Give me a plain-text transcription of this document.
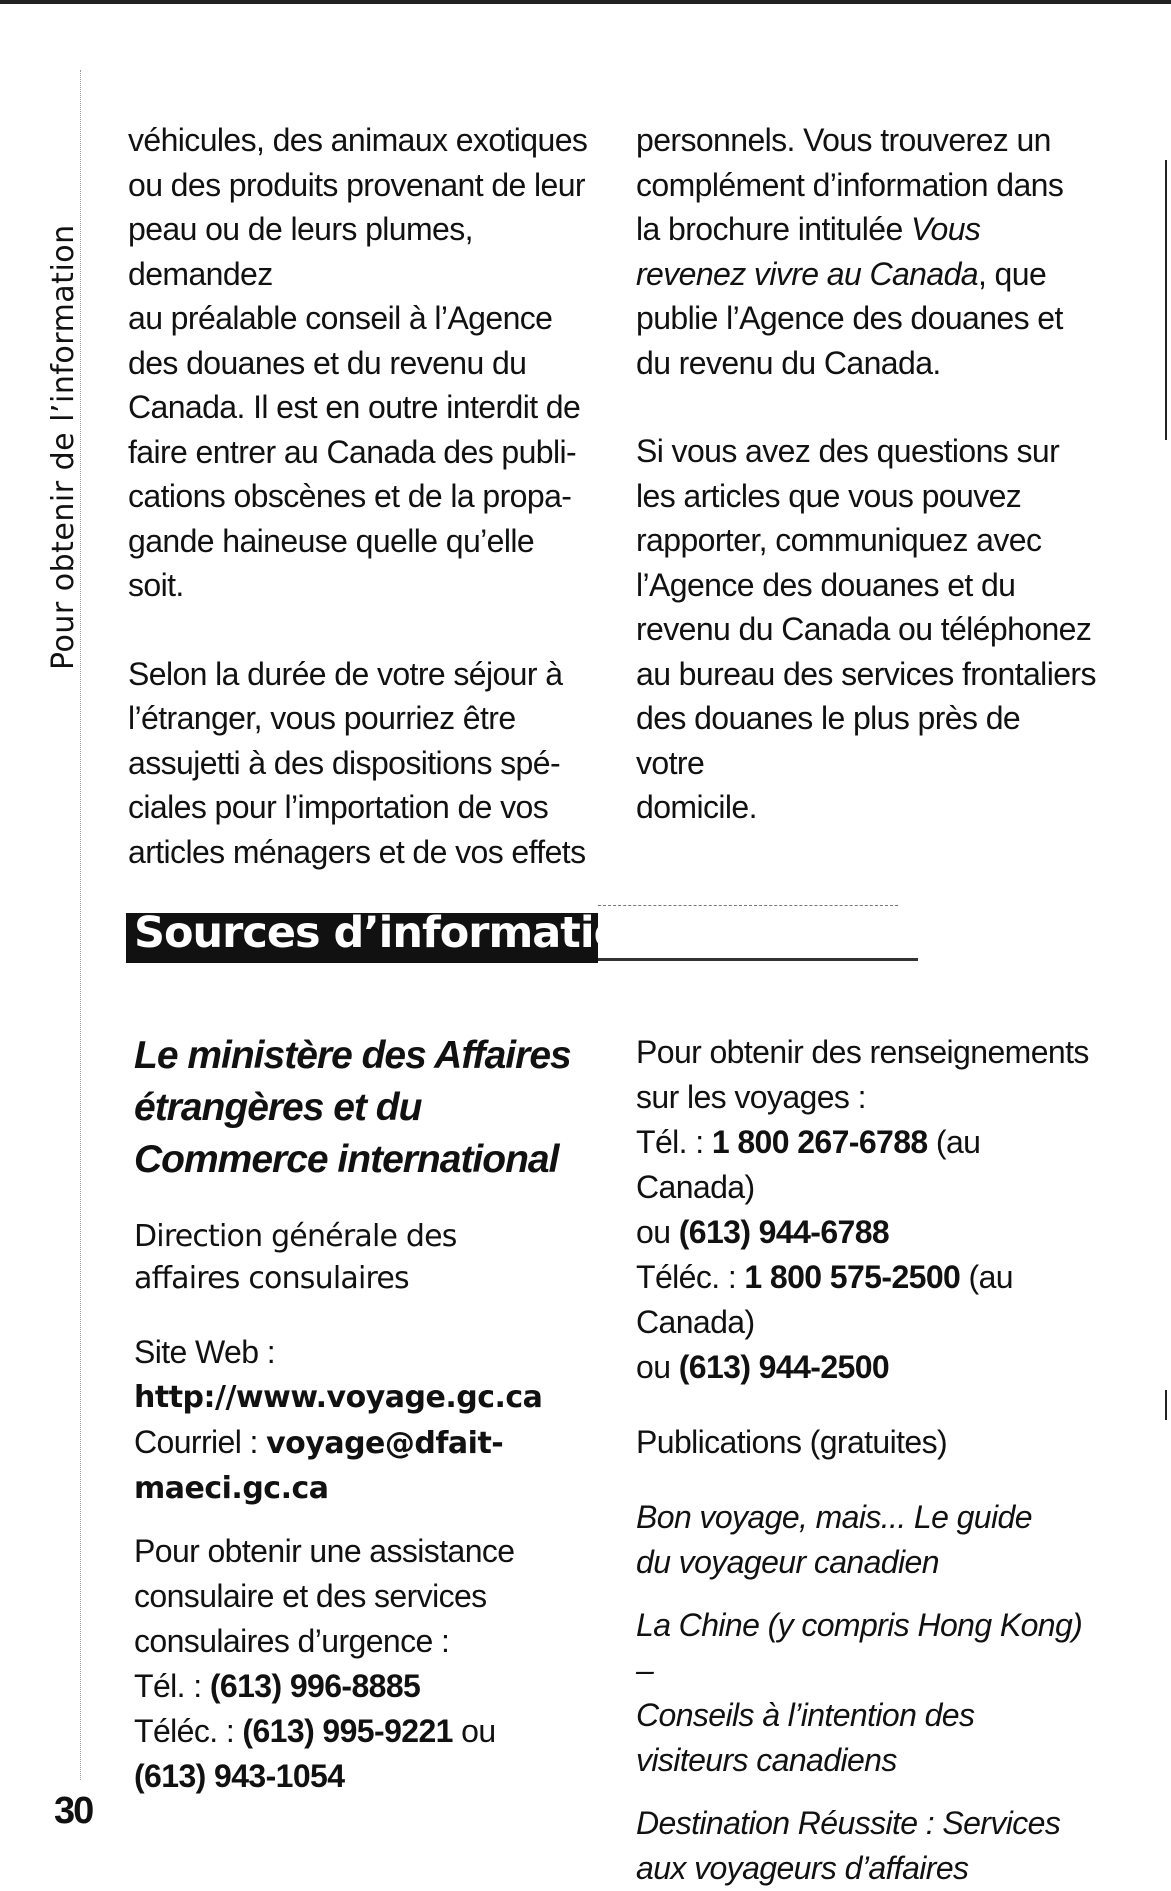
Pour obtenir de l’information

véhicules, des animaux exotiques

ou des produits provenant de leur

peau ou de leurs plumes, demandez

au préalable conseil à l’Agence

des douanes et du revenu du

Canada. Il est en outre interdit de

faire entrer au Canada des publi-

cations obscènes et de la propa-

gande haineuse quelle qu’elle

soit.

Selon la durée de votre séjour à

l’étranger, vous pourriez être

assujetti à des dispositions spé-

ciales pour l’importation de vos

articles ménagers et de vos effets

personnels. Vous trouverez un

complément d’information dans

la brochure intitulée Vous

revenez vivre au Canada, que

publie l’Agence des douanes et

du revenu du Canada.

Si vous avez des questions sur

les articles que vous pouvez

rapporter, communiquez avec

l’Agence des douanes et du

revenu du Canada ou téléphonez

au bureau des services frontaliers

des douanes le plus près de votre

domicile.

Sources d’information
Le ministère des Affaires
étrangères et du
Commerce international
Direction générale des
affaires consulaires
Site Web :
http://www.voyage.gc.ca
Courriel : voyage@dfait-
maeci.gc.ca
Pour obtenir une assistance
consulaire et des services
consulaires d’urgence :
Tél. : (613) 996-8885
Téléc. : (613) 995-9221 ou
(613) 943-1054
Pour obtenir des renseignements
sur les voyages :
Tél. : 1 800 267-6788 (au Canada)
ou (613) 944-6788
Téléc. : 1 800 575-2500 (au Canada)
ou (613) 944-2500
Publications (gratuites)
Bon voyage, mais... Le guide
du voyageur canadien
La Chine (y compris Hong Kong) –
Conseils à l’intention des
visiteurs canadiens
Destination Réussite : Services
aux voyageurs d’affaires
30
